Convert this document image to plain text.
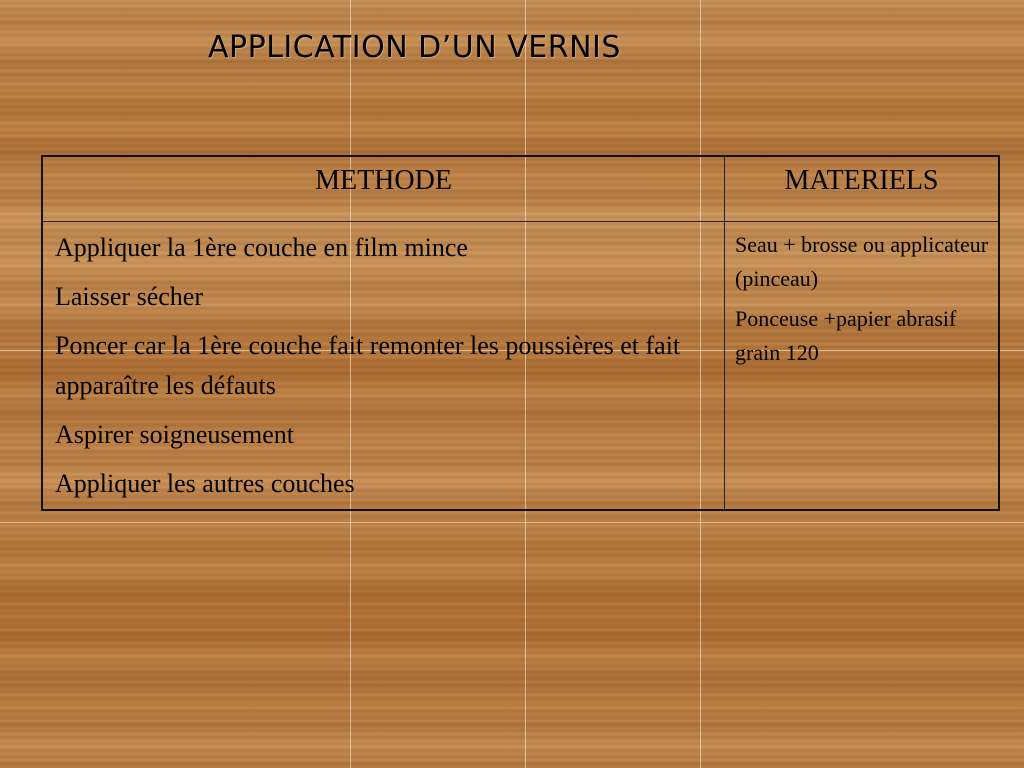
APPLICATION D’UN VERNIS
METHODE	MATERIELS

Appliquer la 1ère couche en film mince

Laisser sécher

Poncer car la 1ère couche fait remonter les poussières et fait apparaître les défauts

Aspirer soigneusement

Appliquer les autres couches

Seau + brosse ou applicateur (pinceau)

Ponceuse +papier abrasif grain 120
